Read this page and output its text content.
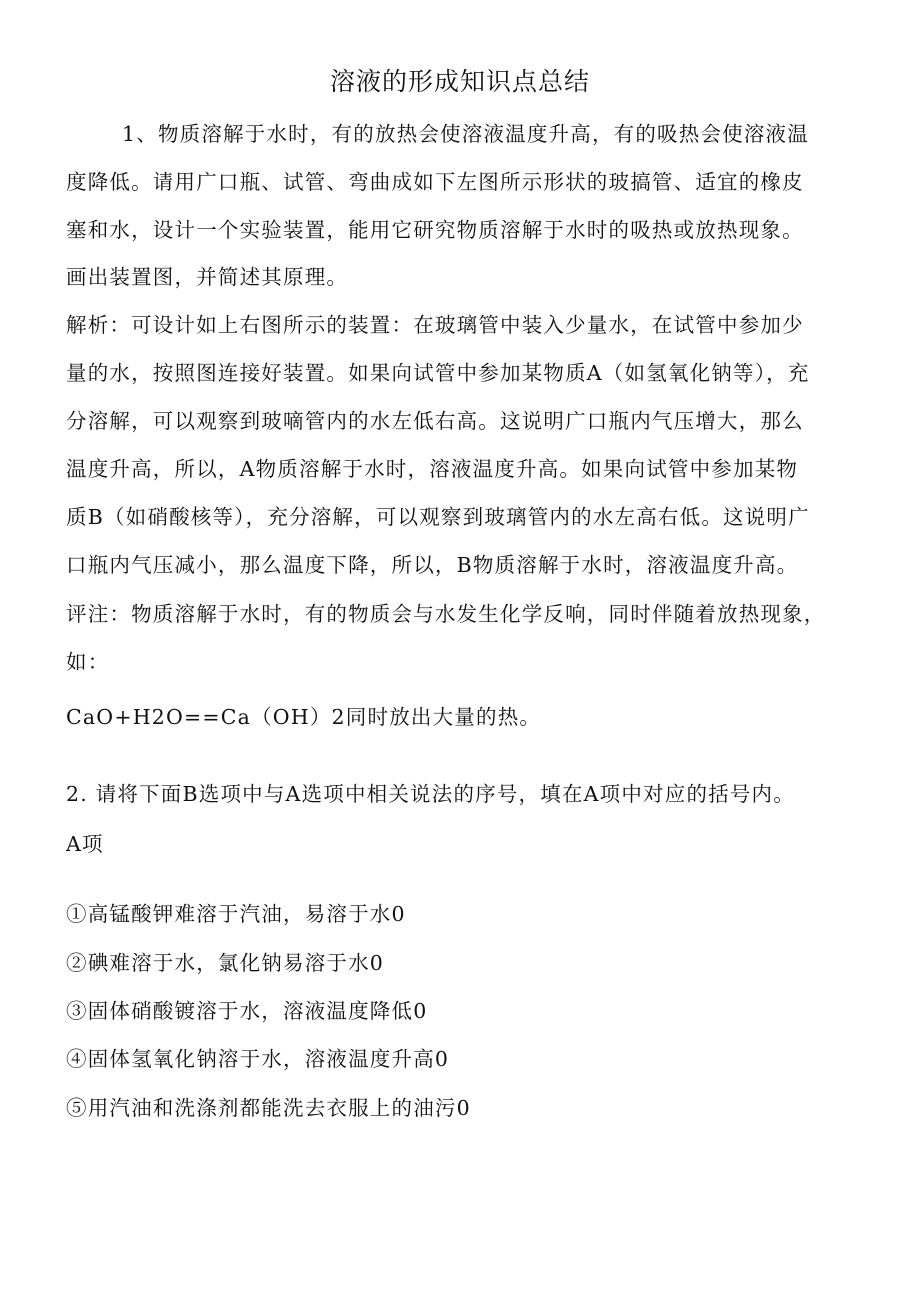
溶液的形成知识点总结
1、物质溶解于水时，有的放热会使溶液温度升高，有的吸热会使溶液温
度降低。请用广口瓶、试管、弯曲成如下左图所示形状的玻搞管、适宜的橡皮
塞和水，设计一个实验装置，能用它研究物质溶解于水时的吸热或放热现象。
画出装置图，并简述其原理。
解析：可设计如上右图所示的装置：在玻璃管中装入少量水，在试管中参加少
量的水，按照图连接好装置。如果向试管中参加某物质A（如氢氧化钠等），充
分溶解，可以观察到玻嘀管内的水左低右高。这说明广口瓶内气压增大，那么
温度升高，所以，A物质溶解于水时，溶液温度升高。如果向试管中参加某物
质B（如硝酸核等），充分溶解，可以观察到玻璃管内的水左高右低。这说明广
口瓶内气压减小，那么温度下降，所以，B物质溶解于水时，溶液温度升高。
评注：物质溶解于水时，有的物质会与水发生化学反响，同时伴随着放热现象，
如：
CaO+H2O==Ca（OH）2同时放出大量的热。
2. 请将下面B选项中与A选项中相关说法的序号，填在A项中对应的括号内。
A项
①高锰酸钾难溶于汽油，易溶于水0
②碘难溶于水，氯化钠易溶于水0
③固体硝酸镀溶于水，溶液温度降低0
④固体氢氧化钠溶于水，溶液温度升高0
⑤用汽油和洗涤剂都能洗去衣服上的油污0
